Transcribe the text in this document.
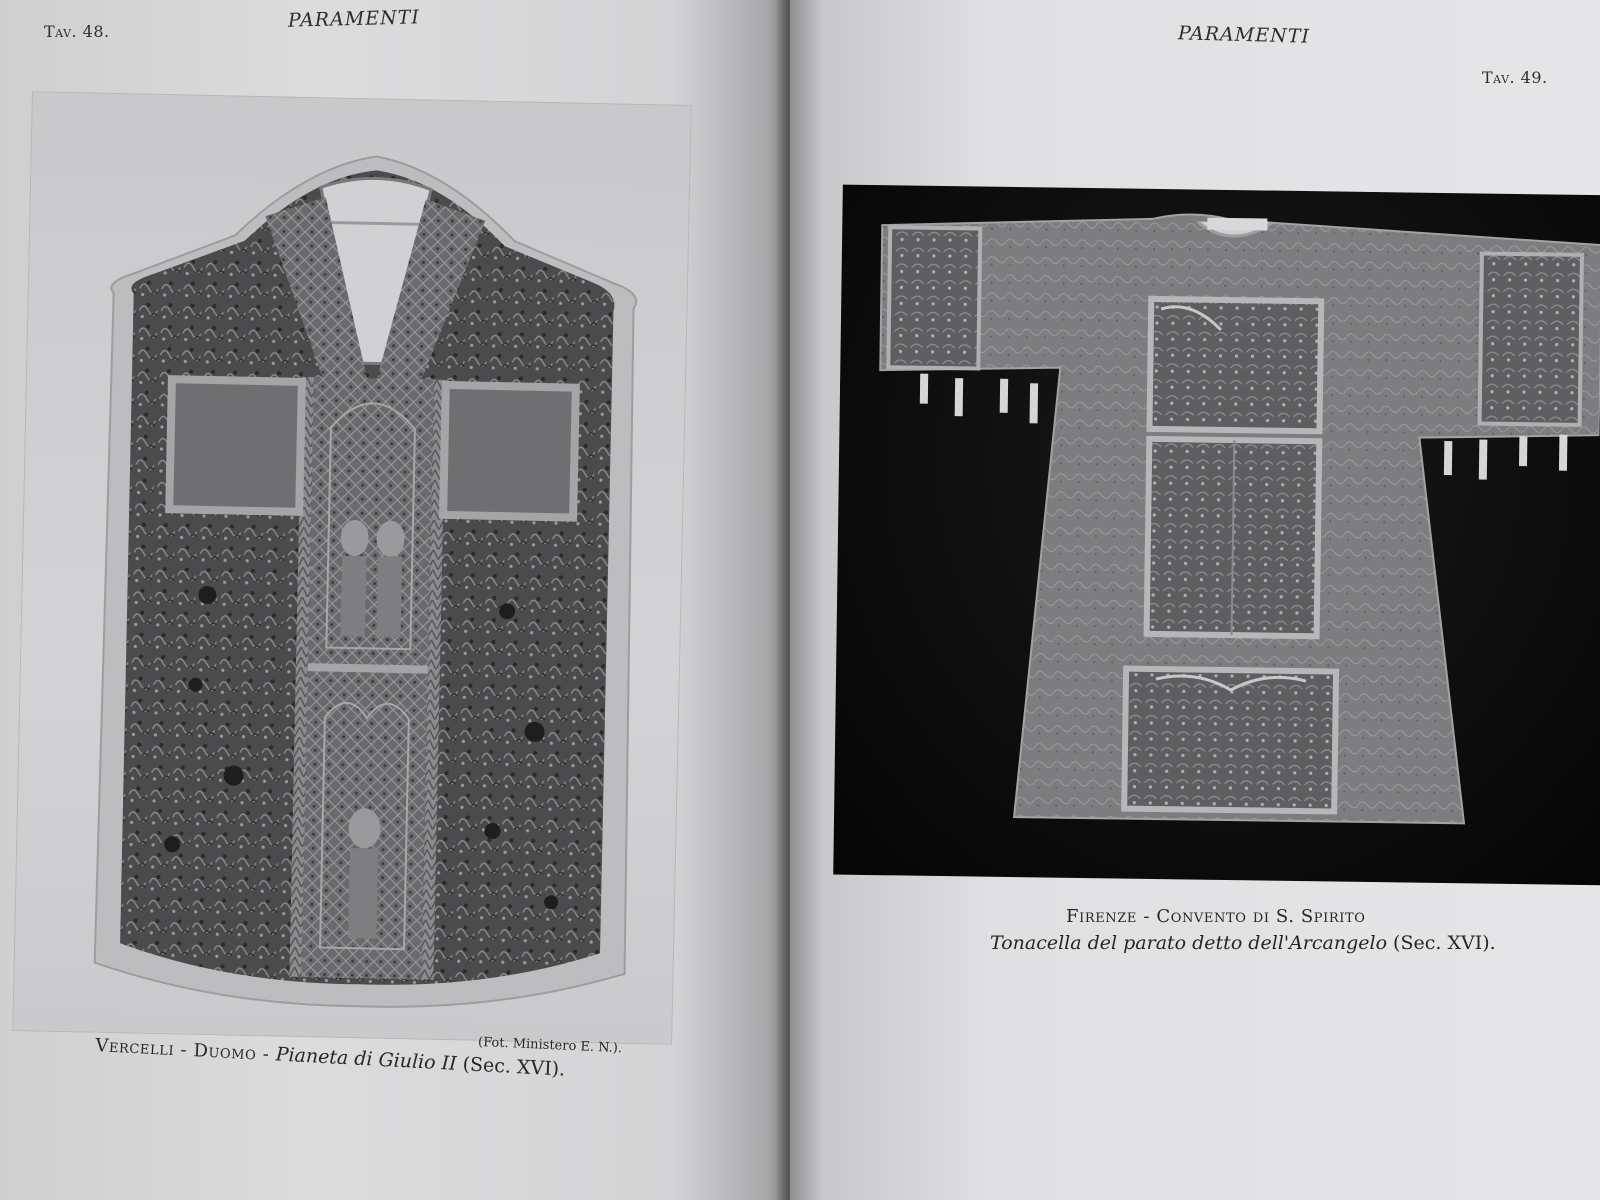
Tav. 48.	PARAMENTI
(Fot. Ministero E. N.).
Vercelli - Duomo - Pianeta di Giulio II (Sec. XVI).
PARAMENTI
Tav. 49.
Firenze - Convento di S. Spirito
Tonacella del parato detto dell'Arcangelo (Sec. XVI).
